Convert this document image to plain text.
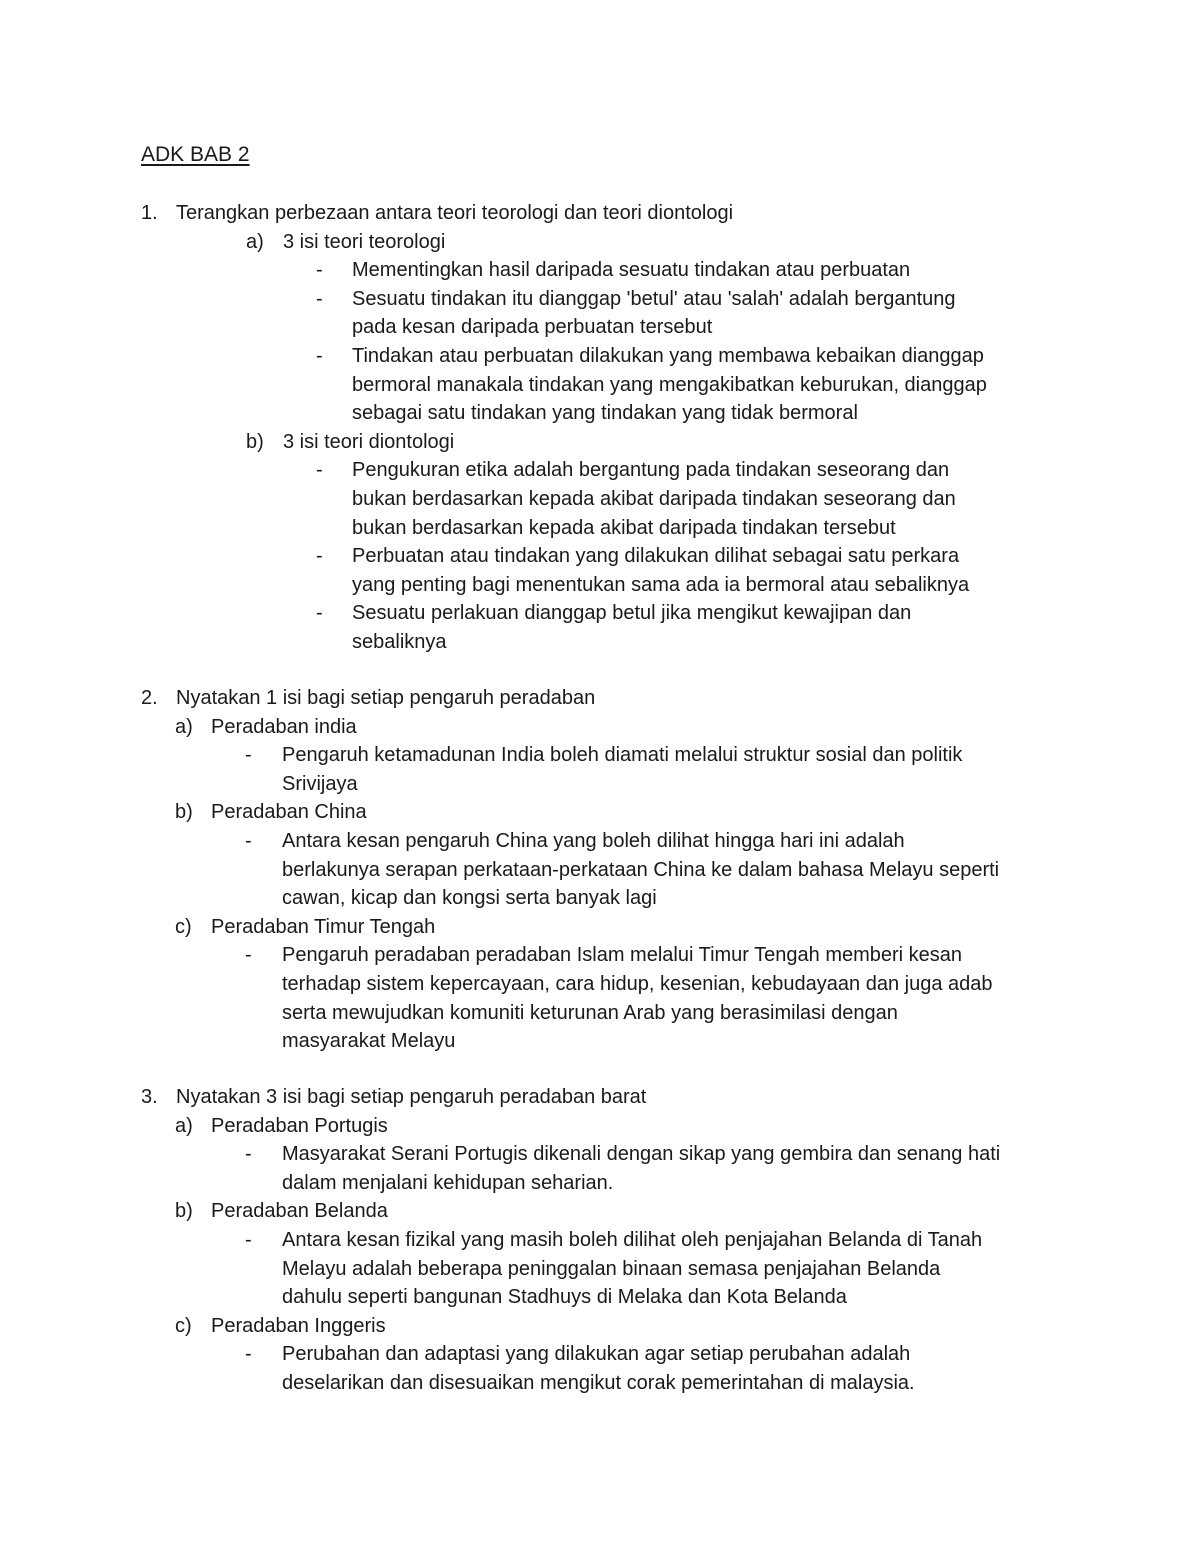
ADK BAB 2
1. Terangkan perbezaan antara teori teorologi dan teori diontologi
a) 3 isi teori teorologi
- Mementingkan hasil daripada sesuatu tindakan atau perbuatan
- Sesuatu tindakan itu dianggap 'betul' atau 'salah' adalah bergantung
pada kesan daripada perbuatan tersebut
- Tindakan atau perbuatan dilakukan yang membawa kebaikan dianggap
bermoral manakala tindakan yang mengakibatkan keburukan, dianggap
sebagai satu tindakan yang tindakan yang tidak bermoral
b) 3 isi teori diontologi
- Pengukuran etika adalah bergantung pada tindakan seseorang dan
bukan berdasarkan kepada akibat daripada tindakan seseorang dan
bukan berdasarkan kepada akibat daripada tindakan tersebut
- Perbuatan atau tindakan yang dilakukan dilihat sebagai satu perkara
yang penting bagi menentukan sama ada ia bermoral atau sebaliknya
- Sesuatu perlakuan dianggap betul jika mengikut kewajipan dan
sebaliknya
2. Nyatakan 1 isi bagi setiap pengaruh peradaban
a) Peradaban india
- Pengaruh ketamadunan India boleh diamati melalui struktur sosial dan politik
Srivijaya
b) Peradaban China
- Antara kesan pengaruh China yang boleh dilihat hingga hari ini adalah
berlakunya serapan perkataan-perkataan China ke dalam bahasa Melayu seperti
cawan, kicap dan kongsi serta banyak lagi
c) Peradaban Timur Tengah
- Pengaruh peradaban peradaban Islam melalui Timur Tengah memberi kesan
terhadap sistem kepercayaan, cara hidup, kesenian, kebudayaan dan juga adab
serta mewujudkan komuniti keturunan Arab yang berasimilasi dengan
masyarakat Melayu
3. Nyatakan 3 isi bagi setiap pengaruh peradaban barat
a) Peradaban Portugis
- Masyarakat Serani Portugis dikenali dengan sikap yang gembira dan senang hati
dalam menjalani kehidupan seharian.
b) Peradaban Belanda
- Antara kesan fizikal yang masih boleh dilihat oleh penjajahan Belanda di Tanah
Melayu adalah beberapa peninggalan binaan semasa penjajahan Belanda
dahulu seperti bangunan Stadhuys di Melaka dan Kota Belanda
c) Peradaban Inggeris
- Perubahan dan adaptasi yang dilakukan agar setiap perubahan adalah
deselarikan dan disesuaikan mengikut corak pemerintahan di malaysia.
